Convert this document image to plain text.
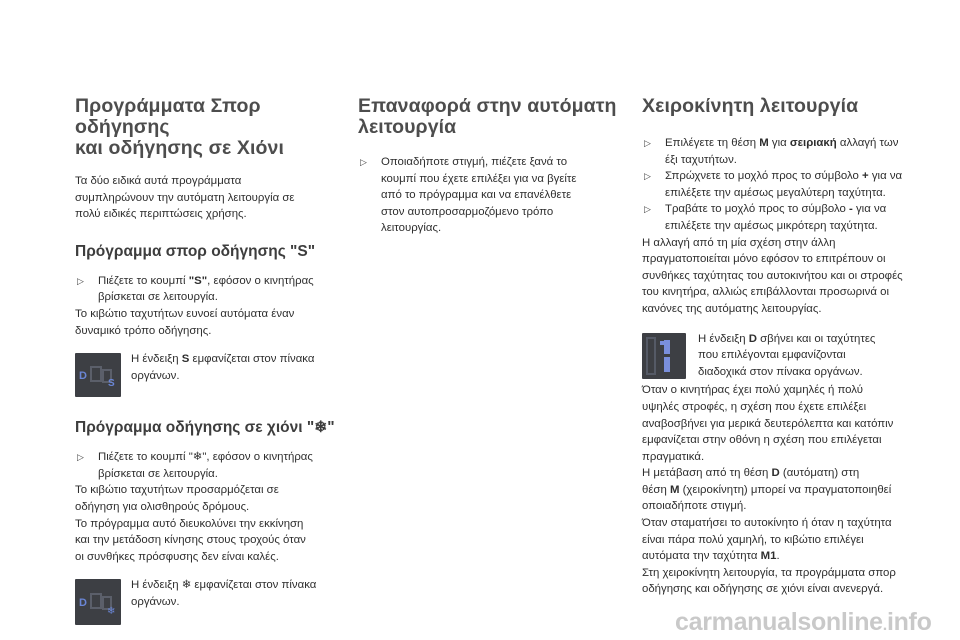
Προγράμματα Σπορ οδήγησης
και οδήγησης σε Χιόνι

Τα δύο ειδικά αυτά προγράμματα
συμπληρώνουν την αυτόματη λειτουργία σε
πολύ ειδικές περιπτώσεις χρήσης.

Πρόγραμμα σπορ οδήγησης "S"

▷ Πιέζετε το κουμπί "S", εφόσον ο κινητήρας
βρίσκεται σε λειτουργία.

Το κιβώτιο ταχυτήτων ευνοεί αυτόματα έναν
δυναμικό τρόπο οδήγησης.

D
S

Η ένδειξη S εμφανίζεται στον πίνακα
οργάνων.

Πρόγραμμα οδήγησης σε χιόνι "❄"

▷ Πιέζετε το κουμπί "❄", εφόσον ο κινητήρας
βρίσκεται σε λειτουργία.

Το κιβώτιο ταχυτήτων προσαρμόζεται σε
οδήγηση για ολισθηρούς δρόμους.
Το πρόγραμμα αυτό διευκολύνει την εκκίνηση
και την μετάδοση κίνησης στους τροχούς όταν
οι συνθήκες πρόσφυσης δεν είναι καλές.

D
❄

Η ένδειξη ❄ εμφανίζεται στον πίνακα
οργάνων.

Επαναφορά στην αυτόματη
λειτουργία

▷ Οποιαδήποτε στιγμή, πιέζετε ξανά το
κουμπί που έχετε επιλέξει για να βγείτε
από το πρόγραμμα και να επανέλθετε
στον αυτοπροσαρμοζόμενο τρόπο
λειτουργίας.

Χειροκίνητη λειτουργία

▷ Επιλέγετε τη θέση M για σειριακή αλλαγή των
έξι ταχυτήτων.

▷ Σπρώχνετε το μοχλό προς το σύμβολο + για να
επιλέξετε την αμέσως μεγαλύτερη ταχύτητα.

▷ Τραβάτε το μοχλό προς το σύμβολο - για να
επιλέξετε την αμέσως μικρότερη ταχύτητα.

Η αλλαγή από τη μία σχέση στην άλλη
πραγματοποιείται μόνο εφόσον το επιτρέπουν οι
συνθήκες ταχύτητας του αυτοκινήτου και οι στροφές
του κινητήρα, αλλιώς επιβάλλονται προσωρινά οι
κανόνες της αυτόματης λειτουργίας.

Η ένδειξη D σβήνει και οι ταχύτητες
που επιλέγονται εμφανίζονται
διαδοχικά στον πίνακα οργάνων.

Όταν ο κινητήρας έχει πολύ χαμηλές ή πολύ
υψηλές στροφές, η σχέση που έχετε επιλέξει
αναβοσβήνει για μερικά δευτερόλεπτα και κατόπιν
εμφανίζεται στην οθόνη η σχέση που επιλέγεται
πραγματικά.

Η μετάβαση από τη θέση D (αυτόματη) στη
θέση M (χειροκίνητη) μπορεί να πραγματοποιηθεί
οποιαδήποτε στιγμή.

Όταν σταματήσει το αυτοκίνητο ή όταν η ταχύτητα
είναι πάρα πολύ χαμηλή, το κιβώτιο επιλέγει
αυτόματα την ταχύτητα M1.

Στη χειροκίνητη λειτουργία, τα προγράμματα σπορ
οδήγησης και οδήγησης σε χιόνι είναι ανενεργά.

carmanualsonline.info
